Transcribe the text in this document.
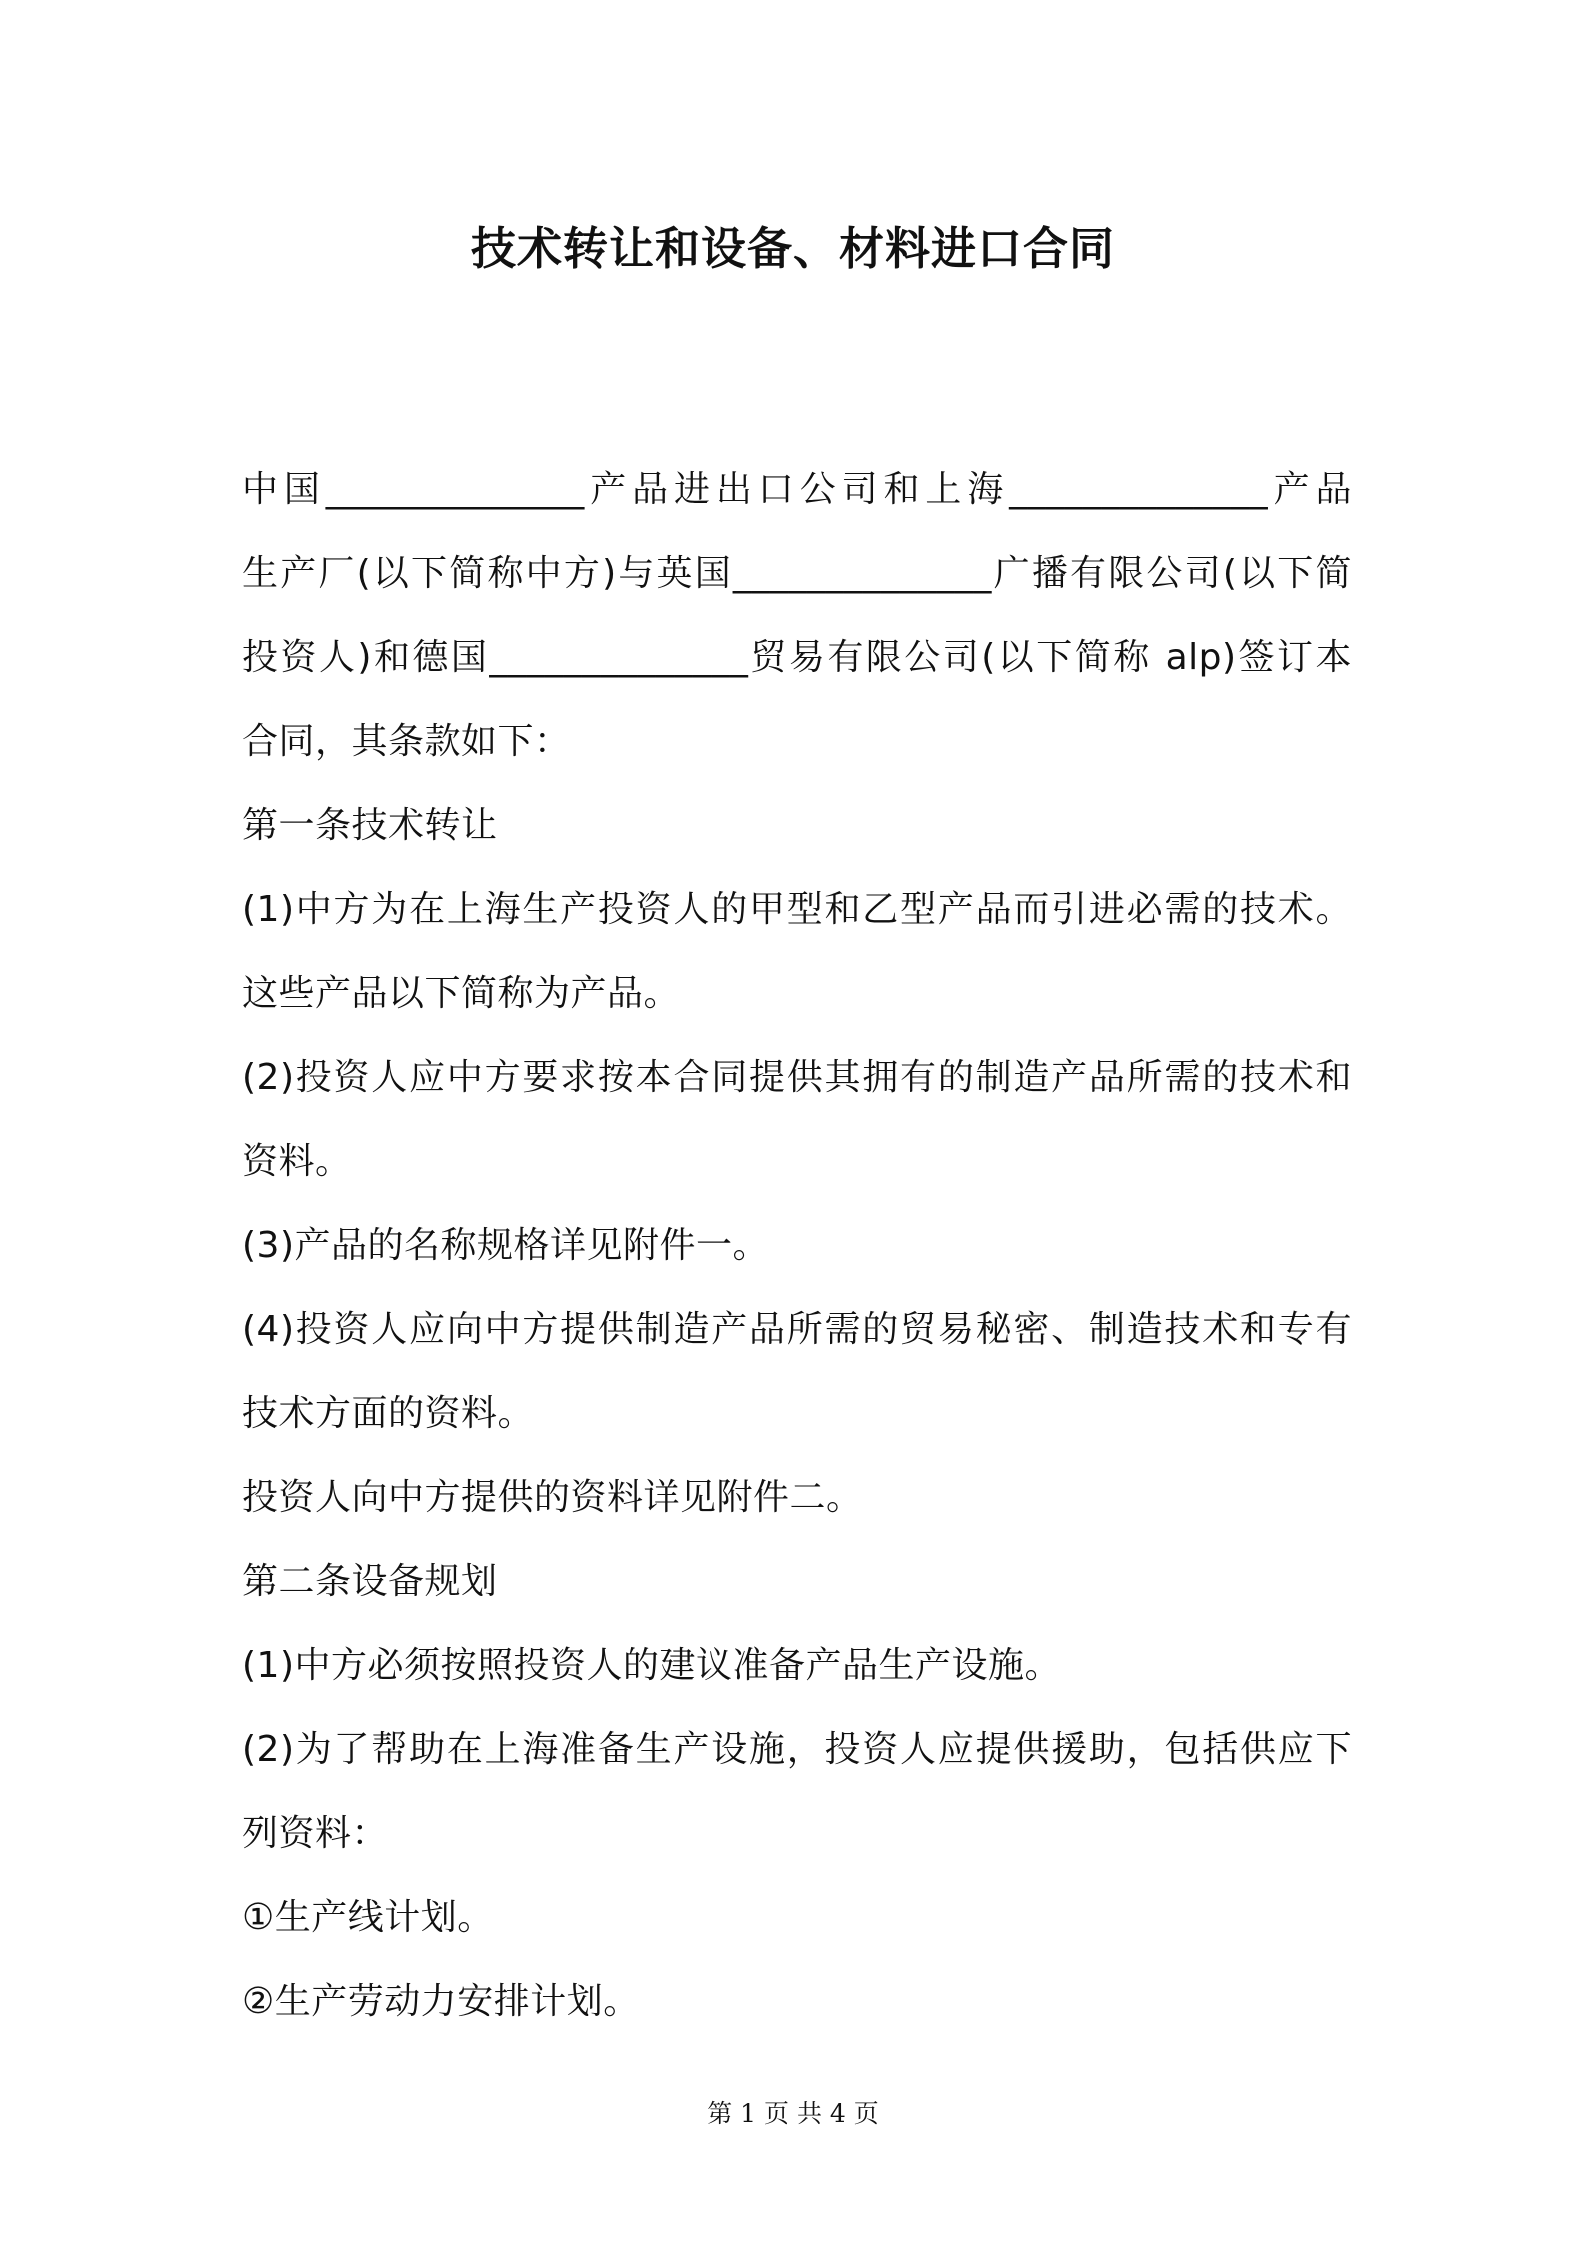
技术转让和设备、材料进口合同
中国______________产品进出口公司和上海______________产品
生产厂(以下简称中方)与英国______________广播有限公司(以下简
投资人)和德国______________贸易有限公司(以下简称 alp)签订本
合同，其条款如下：
第一条技术转让
(1)中方为在上海生产投资人的甲型和乙型产品而引进必需的技术。
这些产品以下简称为产品。
(2)投资人应中方要求按本合同提供其拥有的制造产品所需的技术和
资料。
(3)产品的名称规格详见附件一。
(4)投资人应向中方提供制造产品所需的贸易秘密、制造技术和专有
技术方面的资料。
投资人向中方提供的资料详见附件二。
第二条设备规划
(1)中方必须按照投资人的建议准备产品生产设施。
(2)为了帮助在上海准备生产设施，投资人应提供援助，包括供应下
列资料：
①生产线计划。
②生产劳动力安排计划。
第 1 页 共 4 页
